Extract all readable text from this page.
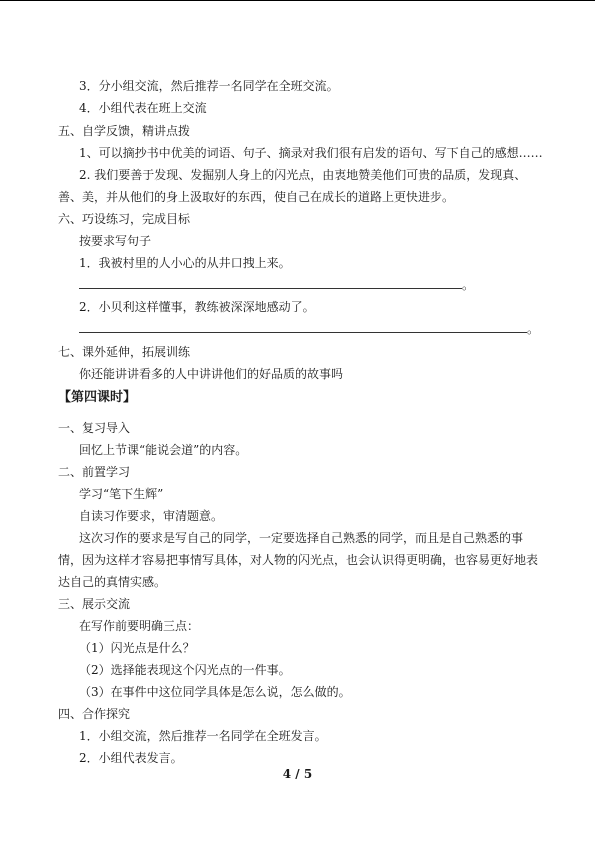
3．分小组交流，然后推荐一名同学在全班交流。
4．小组代表在班上交流
五、自学反馈，精讲点拨
1、可以摘抄书中优美的词语、句子、摘录对我们很有启发的语句、写下自己的感想……
2. 我们要善于发现、发掘别人身上的闪光点，由衷地赞美他们可贵的品质，发现真、
善、美，并从他们的身上汲取好的东西，使自己在成长的道路上更快进步。
六、巧设练习，完成目标
按要求写句子
1．我被村里的人小心的从井口拽上来。
。
2．小贝利这样懂事，教练被深深地感动了。
。
七、课外延伸，拓展训练
你还能讲讲看多的人中讲讲他们的好品质的故事吗
【第四课时】
一、复习导入
回忆上节课“能说会道”的内容。
二、前置学习
学习“笔下生辉”
自读习作要求，审清题意。
这次习作的要求是写自己的同学，一定要选择自己熟悉的同学，而且是自己熟悉的事
情，因为这样才容易把事情写具体，对人物的闪光点，也会认识得更明确，也容易更好地表
达自己的真情实感。
三、展示交流
在写作前要明确三点：
（1）闪光点是什么？
（2）选择能表现这个闪光点的一件事。
（3）在事件中这位同学具体是怎么说，怎么做的。
四、合作探究
1．小组交流，然后推荐一名同学在全班发言。
2．小组代表发言。
4 / 5
